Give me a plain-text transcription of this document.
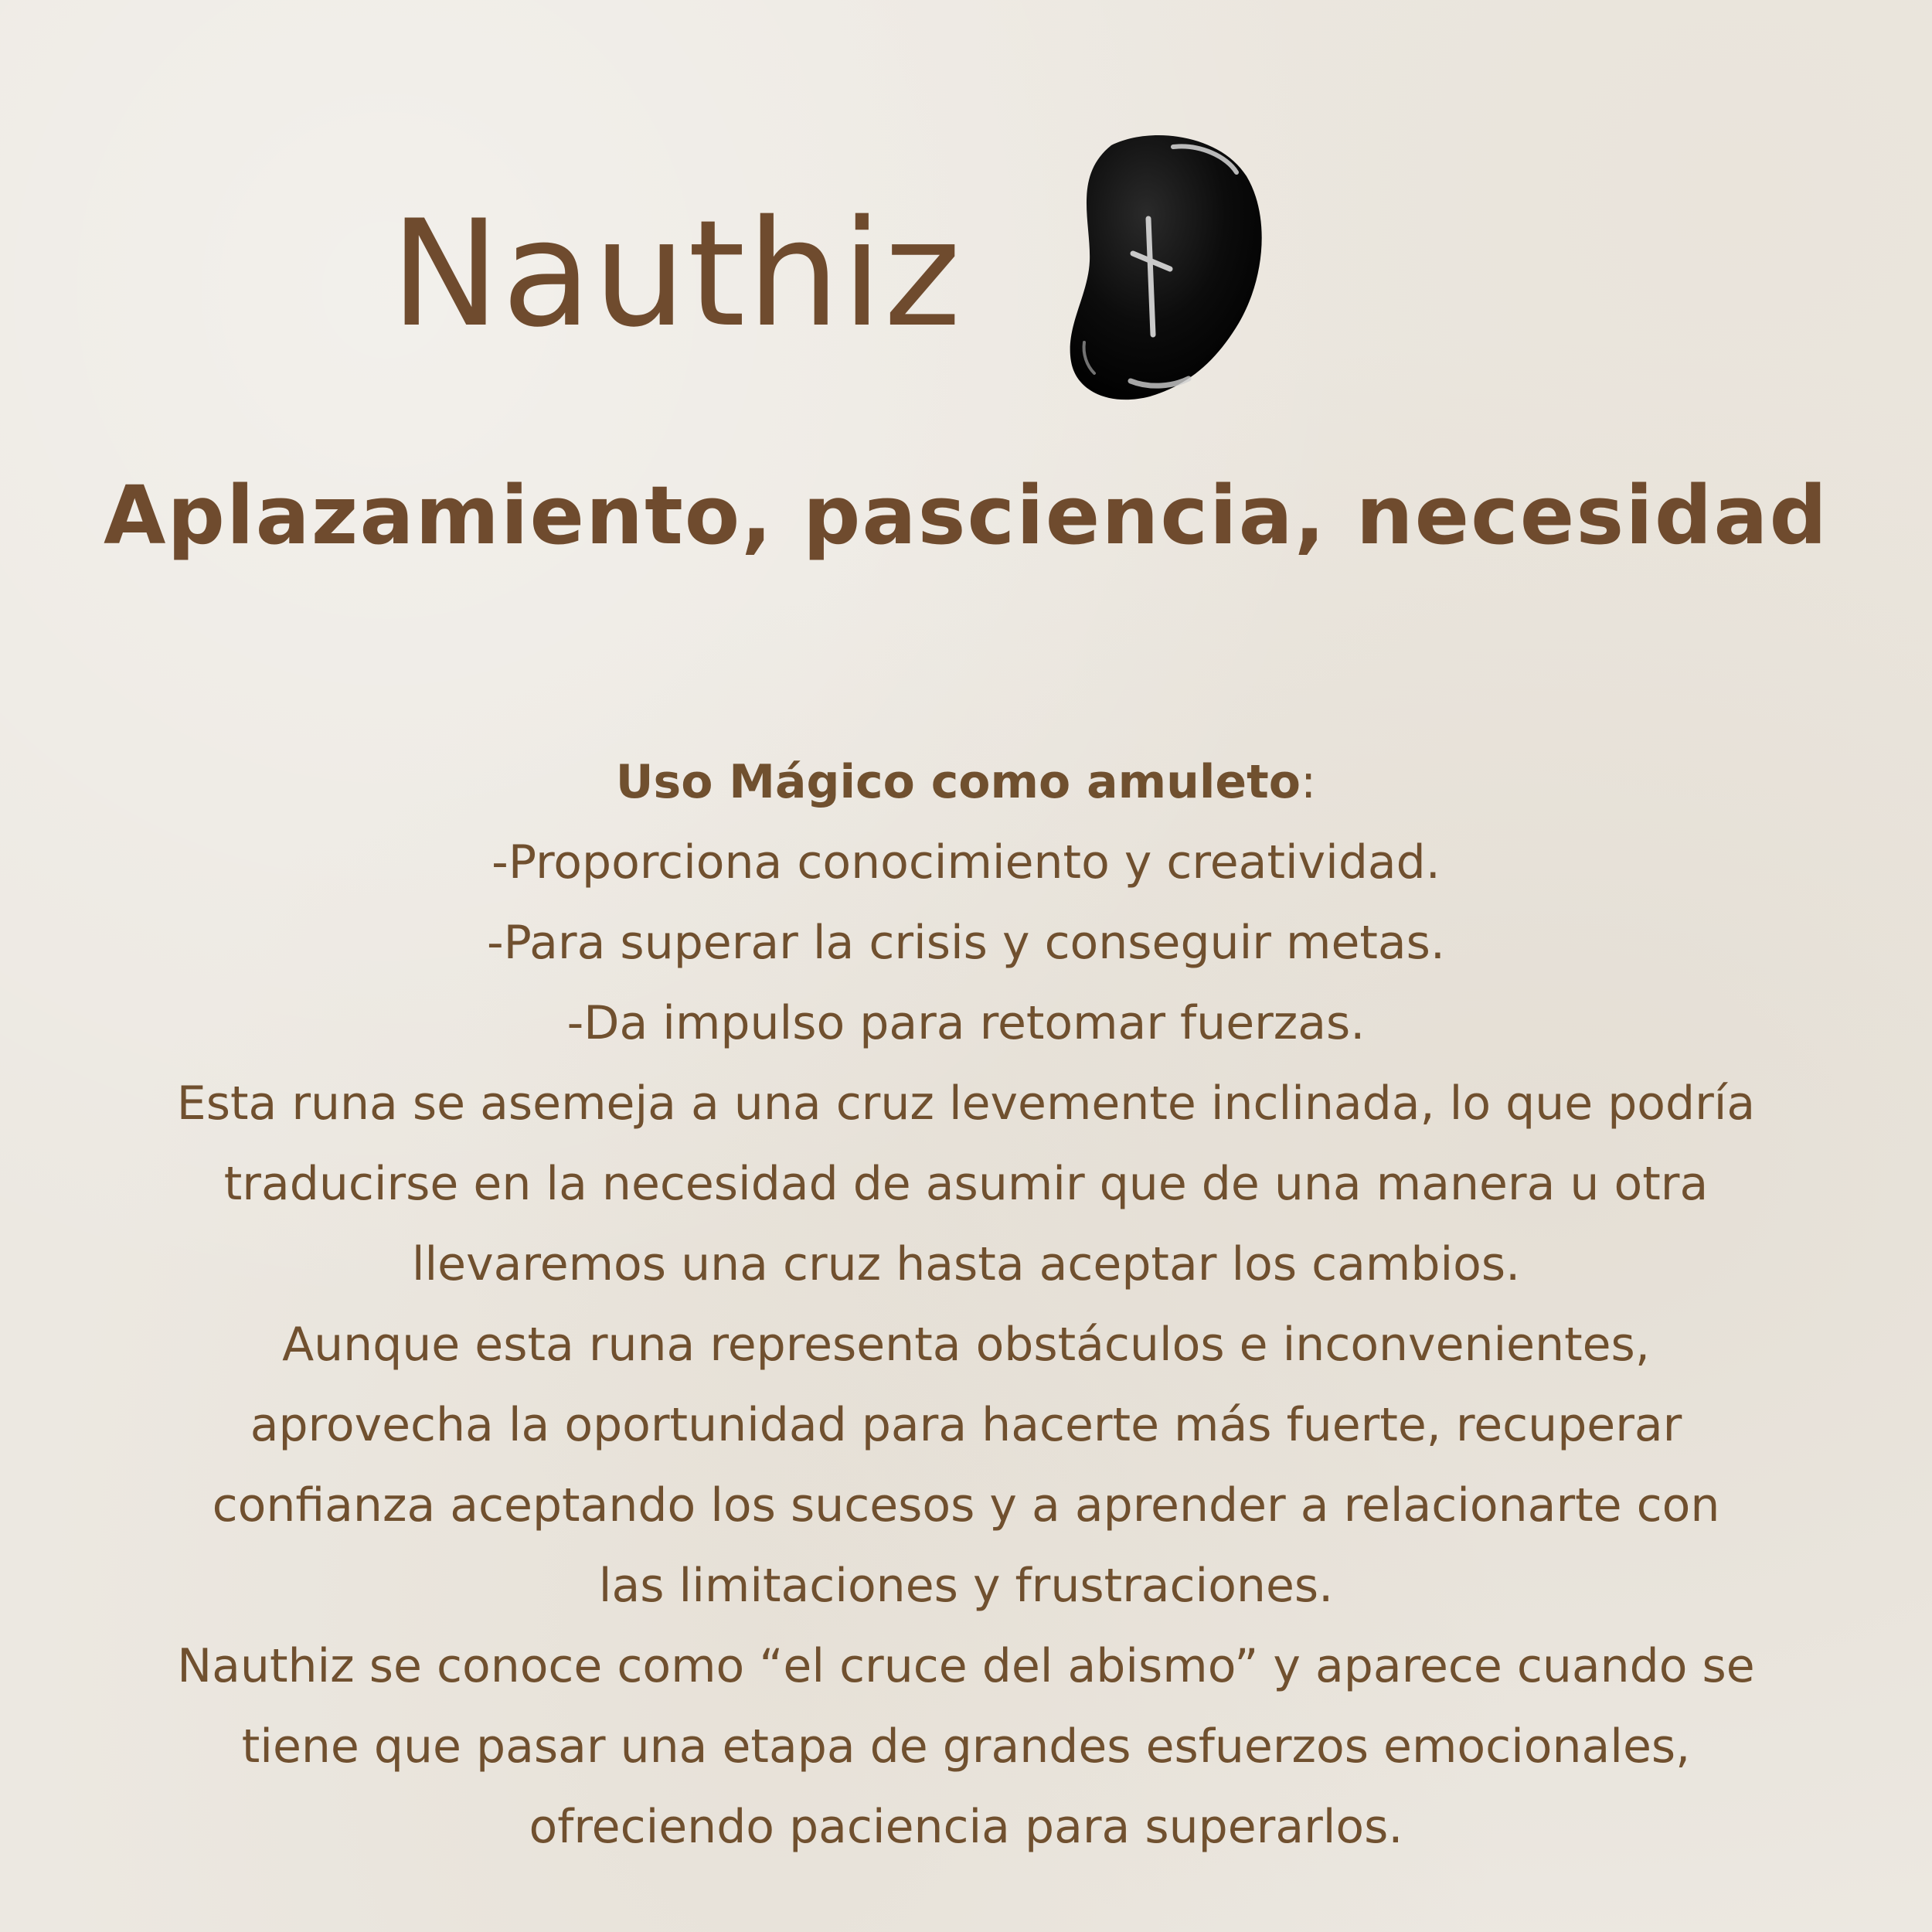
Nauthiz
Aplazamiento, pasciencia, necesidad
Uso Mágico como amuleto:
-Proporciona conocimiento y creatividad.
-Para superar la crisis y conseguir metas.
-Da impulso para retomar fuerzas.
Esta runa se asemeja a una cruz levemente inclinada, lo que podría
traducirse en la necesidad de asumir que de una manera u otra
llevaremos una cruz hasta aceptar los cambios.
Aunque esta runa representa obstáculos e inconvenientes,
aprovecha la oportunidad para hacerte más fuerte, recuperar
confianza aceptando los sucesos y a aprender a relacionarte con
las limitaciones y frustraciones.
Nauthiz se conoce como “el cruce del abismo” y aparece cuando se
tiene que pasar una etapa de grandes esfuerzos emocionales,
ofreciendo paciencia para superarlos.
